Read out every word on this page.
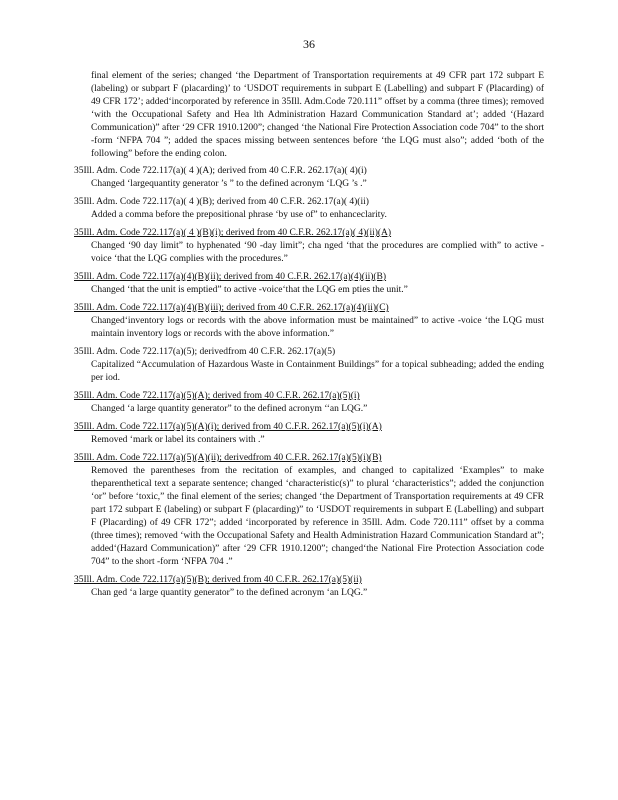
36
final element of the series; changed ‘the Department of Transportation requirements at 49 CFR part 172 subpart E (labeling) or subpart F (placarding)’ to ‘USDOT requirements in subpart E (Labelling) and subpart F (Placarding) of 49 CFR 172’; added‘incorporated by reference in 35Ill. Adm.Code 720.111” offset by a comma (three times); removed ‘with the Occupational Safety and Hea lth Administration Hazard Communication Standard at’; added ‘(Hazard Communication)” after ‘29 CFR 1910.1200”; changed ‘the National Fire Protection Association code 704” to the short -form ‘NFPA 704 ”; added the spaces missing between sentences before ‘the LQG must also”; added ‘both of the following” before the ending colon.
35Ill. Adm. Code 722.117(a)( 4 )(A); derived from 40 C.F.R. 262.17(a)( 4)(i)
Changed ‘largequantity generator ’s ” to the defined acronym ‘LQG ’s .”
35Ill. Adm. Code 722.117(a)( 4 )(B); derived from 40 C.F.R. 262.17(a)( 4)(ii)
Added a comma before the prepositional phrase ‘by use of” to enhanceclarity.
35Ill. Adm. Code 722.117(a)( 4 )(B)(i); derived from 40 C.F.R. 262.17(a)( 4)(ii)(A)
Changed ‘90 day limit” to hyphenated ‘90 -day limit”; cha nged ‘that the procedures are complied with” to active -voice ‘that the LQG complies with the procedures.”
35Ill. Adm. Code 722.117(a)(4)(B)(ii); derived from 40 C.F.R. 262.17(a)(4)(ii)(B)
Changed ‘that the unit is emptied” to active -voice‘that the LQG em pties the unit.”
35Ill. Adm. Code 722.117(a)(4)(B)(iii); derived from 40 C.F.R. 262.17(a)(4)(ii)(C)
Changed‘inventory logs or records with the above information must be maintained” to active -voice ‘the LQG must maintain inventory logs or records with the above information.”
35Ill. Adm. Code 722.117(a)(5); derivedfrom 40 C.F.R. 262.17(a)(5)
Capitalized “Accumulation of Hazardous Waste in Containment Buildings” for a topical subheading; added the ending per iod.
35Ill. Adm. Code 722.117(a)(5)(A); derived from 40 C.F.R. 262.17(a)(5)(i)
Changed ‘a large quantity generator” to the defined acronym ‘‘an LQG.”
35Ill. Adm. Code 722.117(a)(5)(A)(i); derived from 40 C.F.R. 262.17(a)(5)(i)(A)
Removed ‘mark or label its containers with .”
35Ill. Adm. Code 722.117(a)(5)(A)(ii); derivedfrom 40 C.F.R. 262.17(a)(5)(i)(B)
Removed the parentheses from the recitation of examples, and changed to capitalized ‘Examples” to make theparenthetical text a separate sentence; changed ‘characteristic(s)” to plural ‘characteristics”; added the conjunction ‘or” before ‘toxic,” the final element of the series; changed ‘the Department of Transportation requirements at 49 CFR part 172 subpart E (labeling) or subpart F (placarding)” to ‘USDOT requirements in subpart E (Labelling) and subpart F (Placarding) of 49 CFR 172”; added ‘incorporated by reference in 35Ill. Adm. Code 720.111” offset by a comma (three times); removed ‘with the Occupational Safety and Health Administration Hazard Communication Standard at”; added‘(Hazard Communication)” after ‘29 CFR 1910.1200”; changed‘the National Fire Protection Association code 704” to the short -form ‘NFPA 704 .”
35Ill. Adm. Code 722.117(a)(5)(B); derived from 40 C.F.R. 262.17(a)(5)(ii)
Chan ged ‘a large quantity generator” to the defined acronym ‘an LQG.”
